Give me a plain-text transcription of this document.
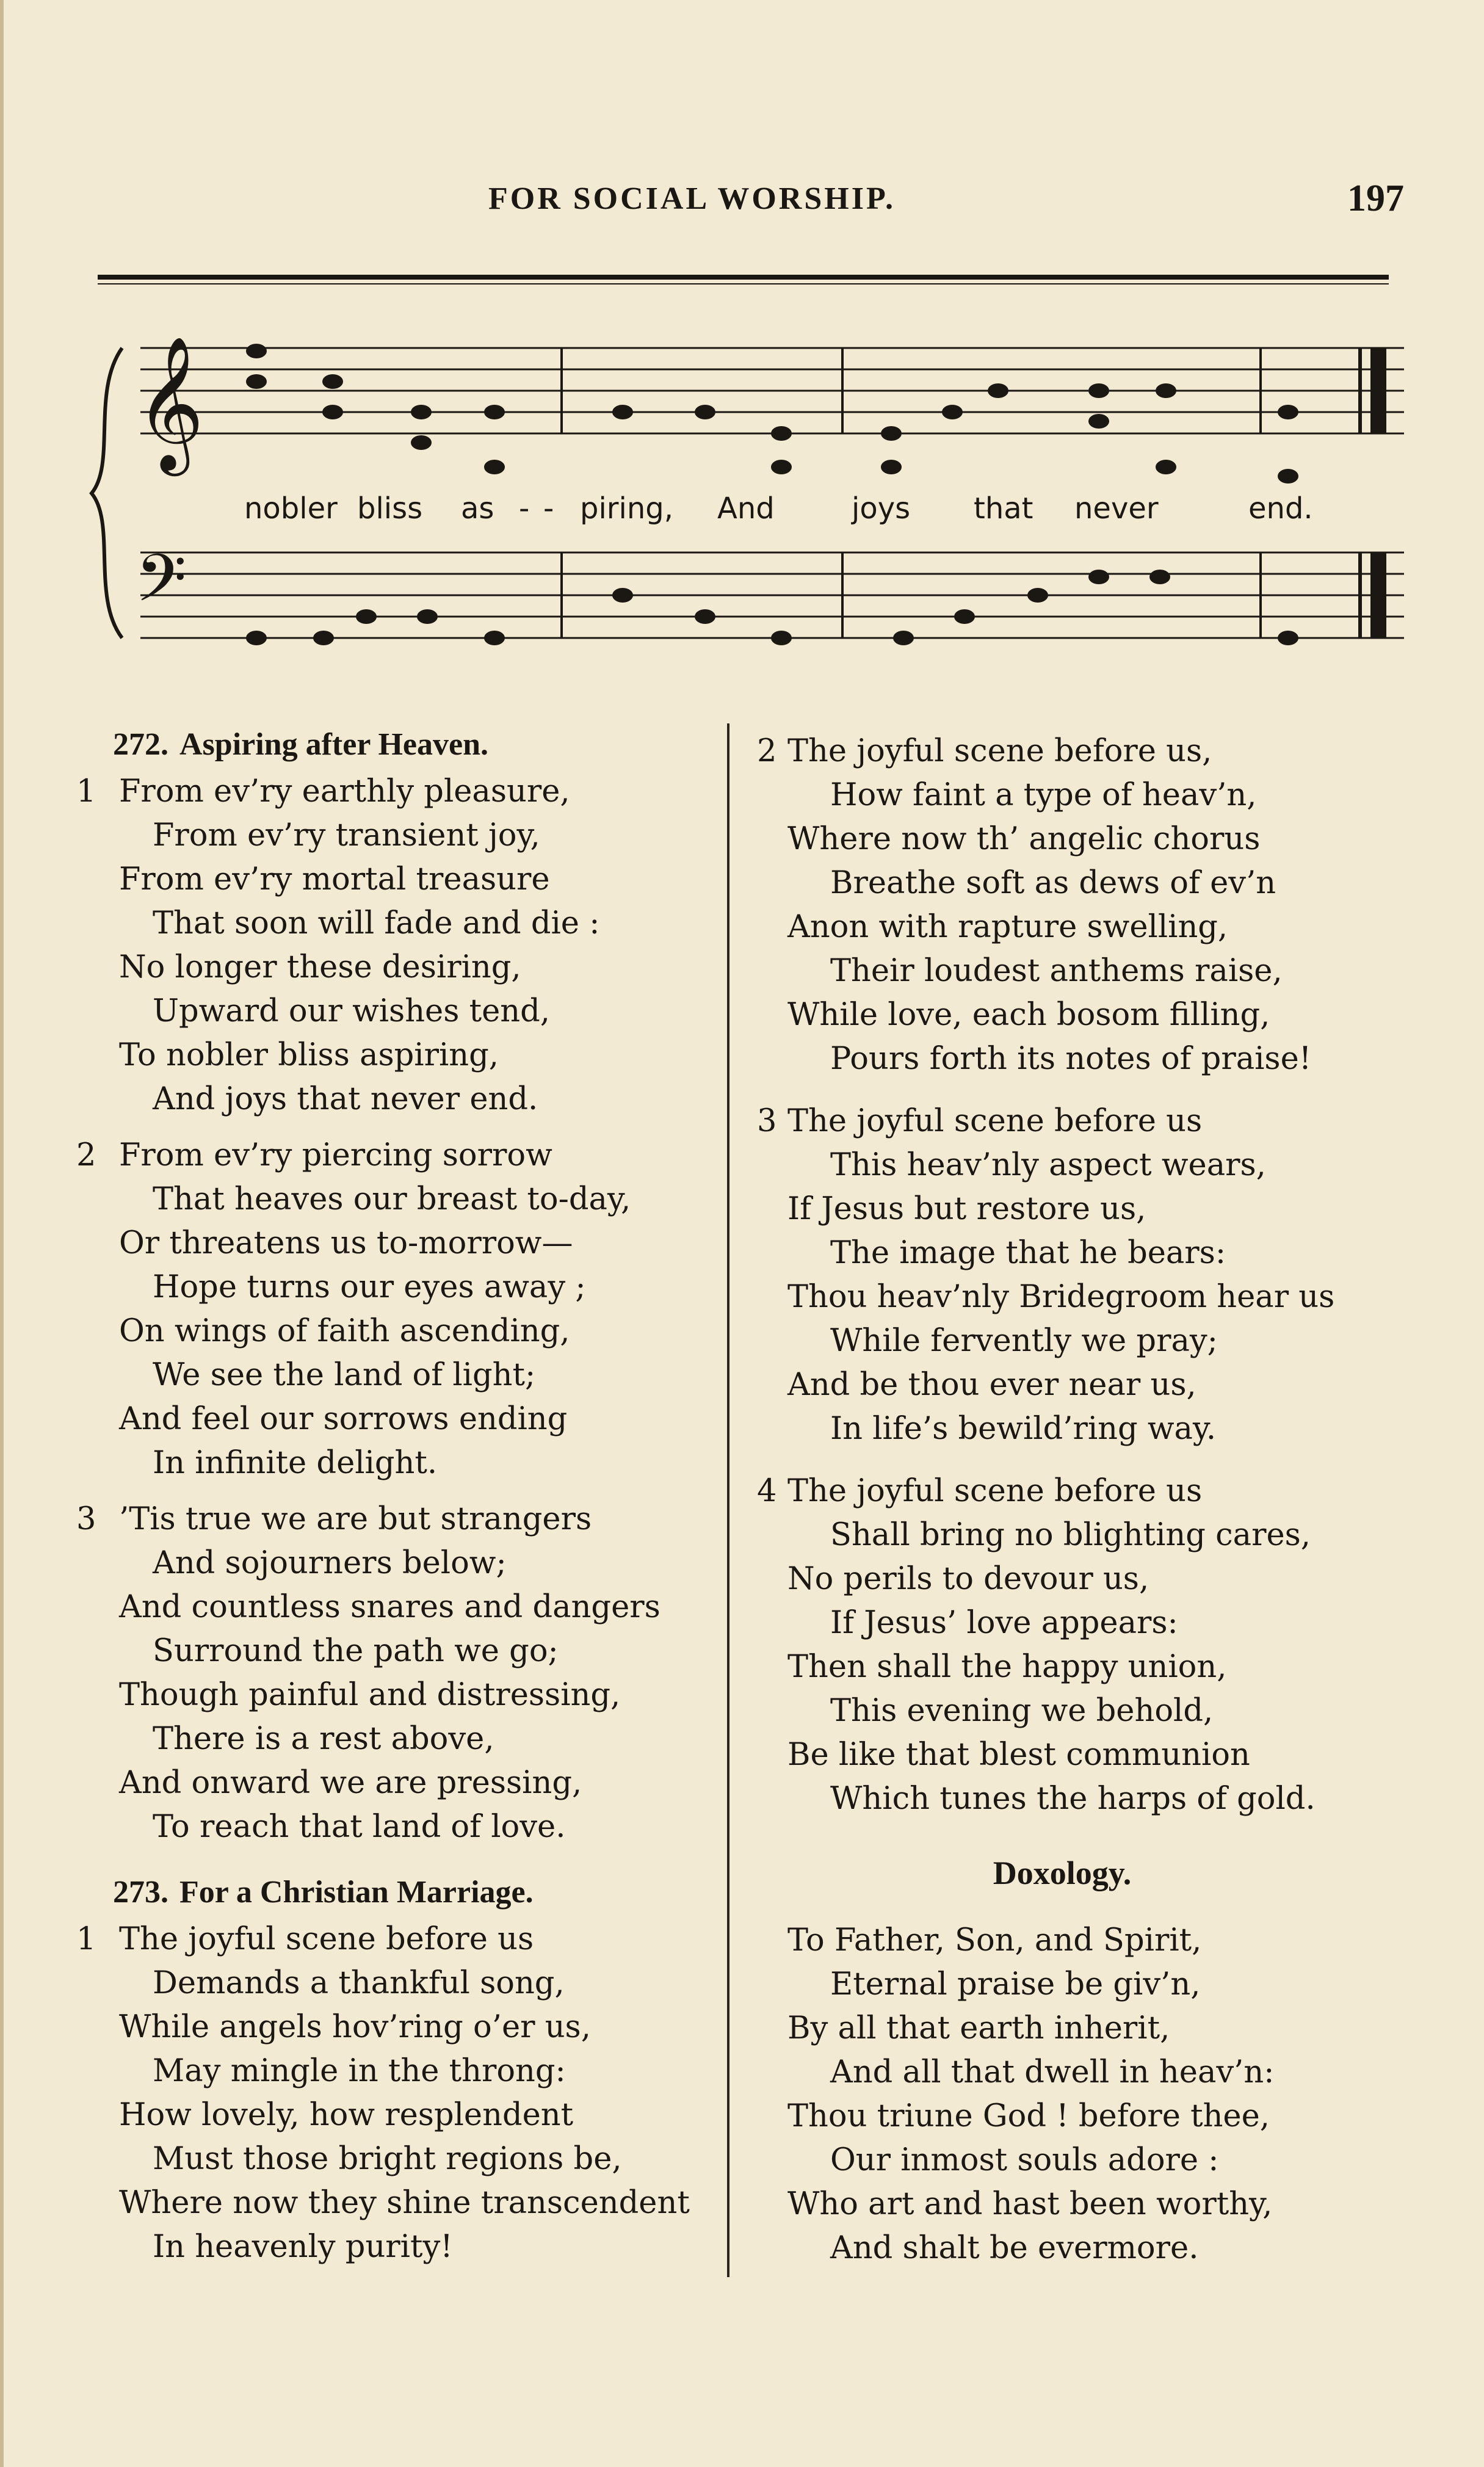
FOR SOCIAL WORSHIP.	197
𝄞
𝄢
nobler bliss as - - piring, And	joys that never	end.
272. Aspiring after Heaven.
1 From ev’ry earthly pleasure,
From ev’ry transient joy,
From ev’ry mortal treasure
That soon will fade and die :
No longer these desiring,
Upward our wishes tend,
To nobler bliss aspiring,
And joys that never end.
2 From ev’ry piercing sorrow
That heaves our breast to-day,
Or threatens us to-morrow—
Hope turns our eyes away ;
On wings of faith ascending,
We see the land of light;
And feel our sorrows ending
In infinite delight.
3 ’Tis true we are but strangers
And sojourners below;
And countless snares and dangers
Surround the path we go;
Though painful and distressing,
There is a rest above,
And onward we are pressing,
To reach that land of love.
273. For a Christian Marriage.
1 The joyful scene before us
Demands a thankful song,
While angels hov’ring o’er us,
May mingle in the throng:
How lovely, how resplendent
Must those bright regions be,
Where now they shine transcendent
In heavenly purity!
2 The joyful scene before us,
How faint a type of heav’n,
Where now th’ angelic chorus
Breathe soft as dews of ev’n
Anon with rapture swelling,
Their loudest anthems raise,
While love, each bosom filling,
Pours forth its notes of praise!
3 The joyful scene before us
This heav’nly aspect wears,
If Jesus but restore us,
The image that he bears:
Thou heav’nly Bridegroom hear us
While fervently we pray;
And be thou ever near us,
In life’s bewild’ring way.
4 The joyful scene before us
Shall bring no blighting cares,
No perils to devour us,
If Jesus’ love appears:
Then shall the happy union,
This evening we behold,
Be like that blest communion
Which tunes the harps of gold.
Doxology.
To Father, Son, and Spirit,
Eternal praise be giv’n,
By all that earth inherit,
And all that dwell in heav’n:
Thou triune God ! before thee,
Our inmost souls adore :
Who art and hast been worthy,
And shalt be evermore.
